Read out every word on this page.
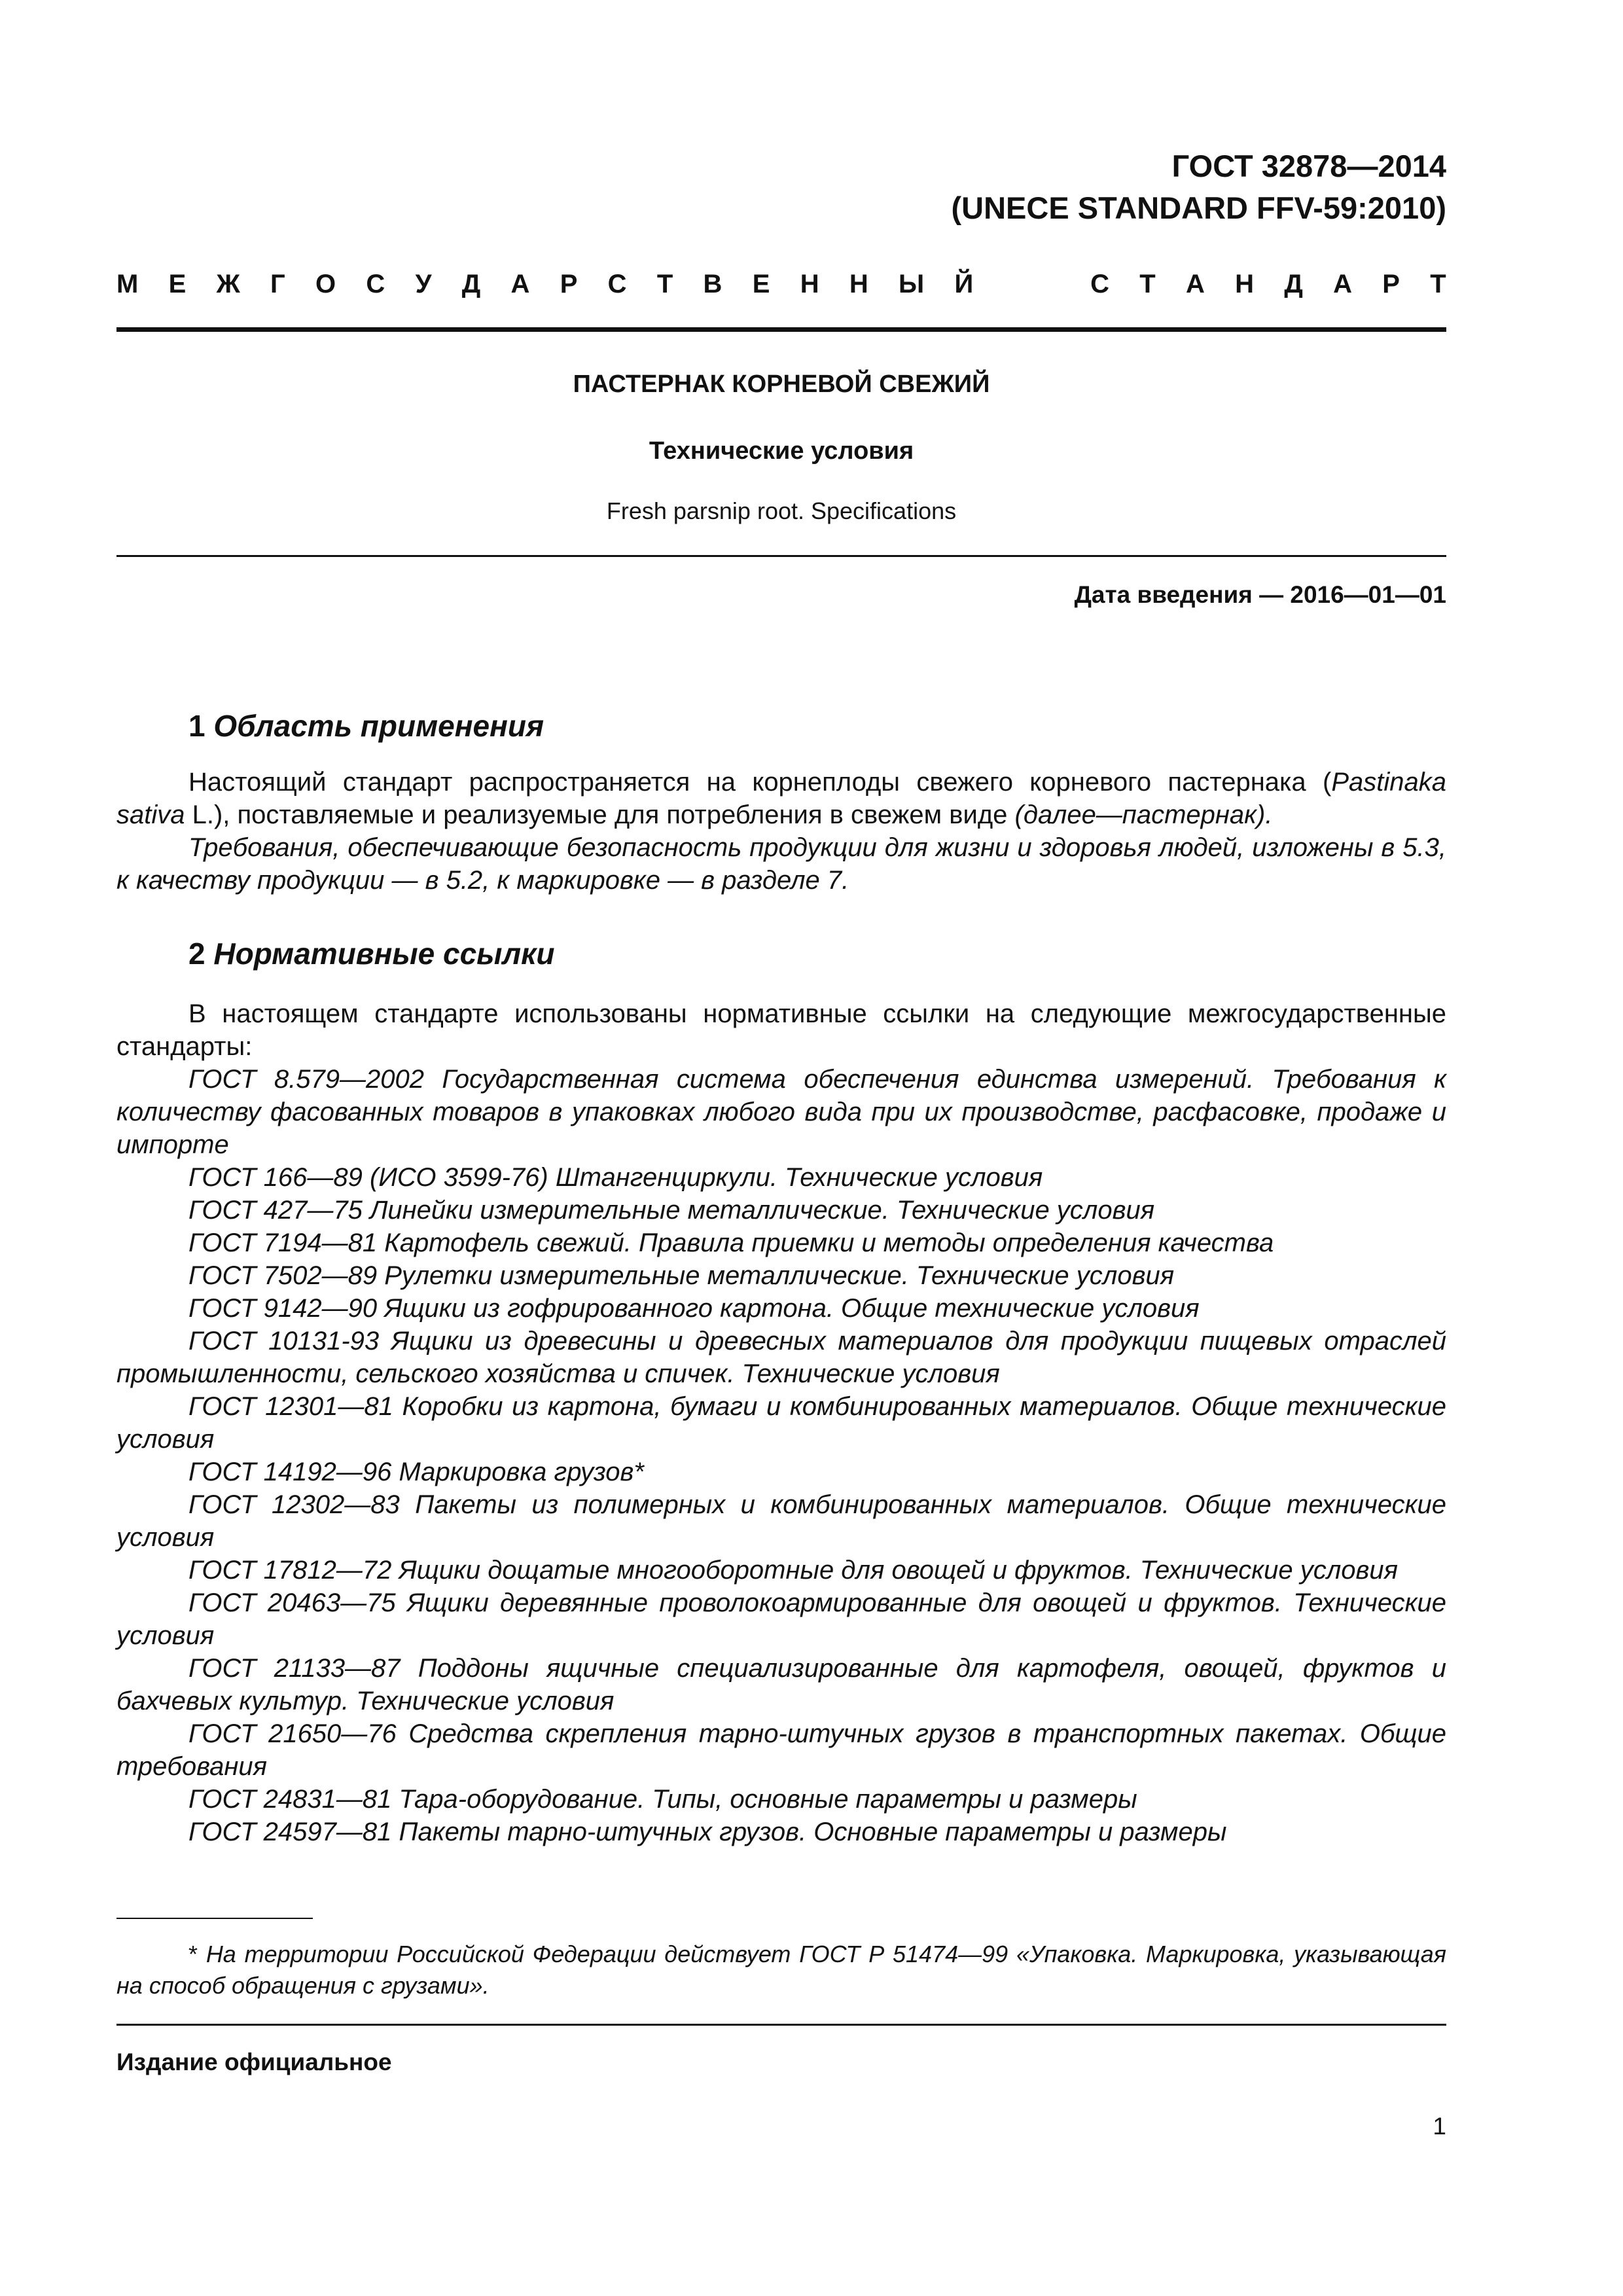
ГОСТ 32878—2014
(UNECE STANDARD FFV-59:2010)
М Е Ж Г О С У Д А Р С Т В Е Н Н Ы Й	С Т А Н Д А Р Т
ПАСТЕРНАК КОРНЕВОЙ СВЕЖИЙ
Технические условия
Fresh parsnip root. Specifications
Дата введения — 2016—01—01
1 Область применения

Настоящий стандарт распространяется на корнеплоды свежего корневого пастернака (Pastinaka sativa L.), поставляемые и реализуемые для потребления в свежем виде (далее—пастернак).

Требования, обеспечивающие безопасность продукции для жизни и здоровья людей, изложены в 5.3, к качеству продукции — в 5.2, к маркировке — в разделе 7.

2 Нормативные ссылки

В настоящем стандарте использованы нормативные ссылки на следующие межгосударственные стандарты:

ГОСТ 8.579—2002 Государственная система обеспечения единства измерений. Требования к количеству фасованных товаров в упаковках любого вида при их производстве, расфасовке, продаже и импорте

ГОСТ 166—89 (ИСО 3599-76) Штангенциркули. Технические условия

ГОСТ 427—75 Линейки измерительные металлические. Технические условия

ГОСТ 7194—81 Картофель свежий. Правила приемки и методы определения качества

ГОСТ 7502—89 Рулетки измерительные металлические. Технические условия

ГОСТ 9142—90 Ящики из гофрированного картона. Общие технические условия

ГОСТ 10131-93 Ящики из древесины и древесных материалов для продукции пищевых отраслей промышленности, сельского хозяйства и спичек. Технические условия

ГОСТ 12301—81 Коробки из картона, бумаги и комбинированных материалов. Общие технические условия

ГОСТ 14192—96 Маркировка грузов*

ГОСТ 12302—83 Пакеты из полимерных и комбинированных материалов. Общие технические условия

ГОСТ 17812—72 Ящики дощатые многооборотные для овощей и фруктов. Технические условия

ГОСТ 20463—75 Ящики деревянные проволокоармированные для овощей и фруктов. Технические условия

ГОСТ 21133—87 Поддоны ящичные специализированные для картофеля, овощей, фруктов и бахчевых культур. Технические условия

ГОСТ 21650—76 Средства скрепления тарно-штучных грузов в транспортных пакетах. Общие требования

ГОСТ 24831—81 Тара-оборудование. Типы, основные параметры и размеры

ГОСТ 24597—81 Пакеты тарно-штучных грузов. Основные параметры и размеры

* На территории Российской Федерации действует ГОСТ Р 51474—99 «Упаковка. Маркировка, указывающая на способ обращения с грузами».

Издание официальное
1
